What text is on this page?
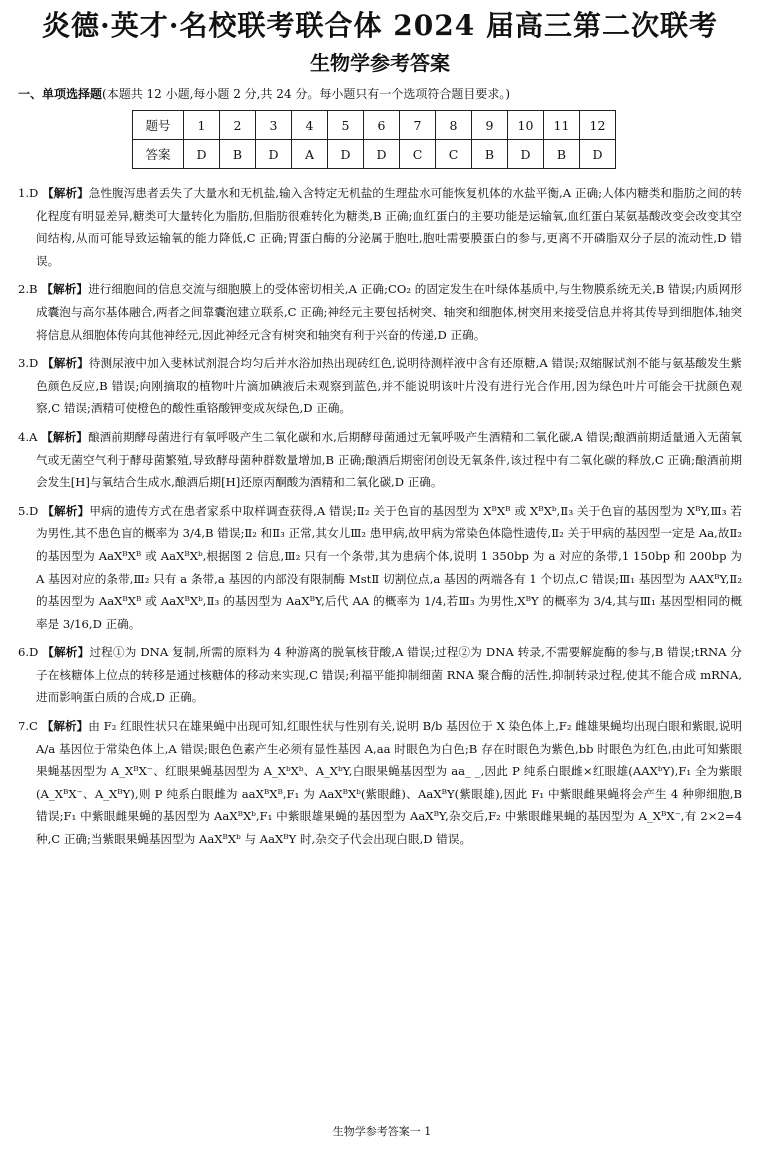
炎德·英才·名校联考联合体 2024 届高三第二次联考
生物学参考答案
一、单项选择题(本题共 12 小题,每小题 2 分,共 24 分。每小题只有一个选项符合题目要求。)
题号	1	2	3	4	5	6	7	8	9	10	11	12
答案	D	B	D	A	D	D	C	C	B	D	B	D
1.D 【解析】急性腹泻患者丢失了大量水和无机盐,输入含特定无机盐的生理盐水可能恢复机体的水盐平衡,A 正确;人体内糖类和脂肪之间的转化程度有明显差异,糖类可大量转化为脂肪,但脂肪很难转化为糖类,B 正确;血红蛋白的主要功能是运输氧,血红蛋白某氨基酸改变会改变其空间结构,从而可能导致运输氧的能力降低,C 正确;胃蛋白酶的分泌属于胞吐,胞吐需要膜蛋白的参与,更离不开磷脂双分子层的流动性,D 错误。
2.B 【解析】进行细胞间的信息交流与细胞膜上的受体密切相关,A 正确;CO₂ 的固定发生在叶绿体基质中,与生物膜系统无关,B 错误;内质网形成囊泡与高尔基体融合,两者之间靠囊泡建立联系,C 正确;神经元主要包括树突、轴突和细胞体,树突用来接受信息并将其传导到细胞体,轴突将信息从细胞体传向其他神经元,因此神经元含有树突和轴突有利于兴奋的传递,D 正确。
3.D 【解析】待测尿液中加入斐林试剂混合均匀后并水浴加热出现砖红色,说明待测样液中含有还原糖,A 错误;双缩脲试剂不能与氨基酸发生紫色颜色反应,B 错误;向刚摘取的植物叶片滴加碘液后未观察到蓝色,并不能说明该叶片没有进行光合作用,因为绿色叶片可能会干扰颜色观察,C 错误;酒精可使橙色的酸性重铬酸钾变成灰绿色,D 正确。
4.A 【解析】酿酒前期酵母菌进行有氧呼吸产生二氧化碳和水,后期酵母菌通过无氧呼吸产生酒精和二氧化碳,A 错误;酿酒前期适量通入无菌氧气或无菌空气利于酵母菌繁殖,导致酵母菌种群数量增加,B 正确;酿酒后期密闭创设无氧条件,该过程中有二氧化碳的释放,C 正确;酿酒前期会发生[H]与氧结合生成水,酿酒后期[H]还原丙酮酸为酒精和二氧化碳,D 正确。
5.D 【解析】甲病的遗传方式在患者家系中取样调查获得,A 错误;Ⅱ₂ 关于色盲的基因型为 XᴮXᴮ 或 XᴮXᵇ,Ⅱ₃ 关于色盲的基因型为 XᴮY,Ⅲ₃ 若为男性,其不患色盲的概率为 3/4,B 错误;Ⅱ₂ 和Ⅱ₃ 正常,其女儿Ⅲ₂ 患甲病,故甲病为常染色体隐性遗传,Ⅱ₂ 关于甲病的基因型一定是 Aa,故Ⅱ₂ 的基因型为 AaXᴮXᴮ 或 AaXᴮXᵇ,根据图 2 信息,Ⅲ₂ 只有一个条带,其为患病个体,说明 1 350bp 为 a 对应的条带,1 150bp 和 200bp 为 A 基因对应的条带,Ⅲ₂ 只有 a 条带,a 基因的内部没有限制酶 MstⅡ 切割位点,a 基因的两端各有 1 个切点,C 错误;Ⅲ₁ 基因型为 AAXᴮY,Ⅱ₂ 的基因型为 AaXᴮXᴮ 或 AaXᴮXᵇ,Ⅱ₃ 的基因型为 AaXᴮY,后代 AA 的概率为 1/4,若Ⅲ₃ 为男性,XᴮY 的概率为 3/4,其与Ⅲ₁ 基因型相同的概率是 3/16,D 正确。
6.D 【解析】过程①为 DNA 复制,所需的原料为 4 种游离的脱氧核苷酸,A 错误;过程②为 DNA 转录,不需要解旋酶的参与,B 错误;tRNA 分子在核糖体上位点的转移是通过核糖体的移动来实现,C 错误;利福平能抑制细菌 RNA 聚合酶的活性,抑制转录过程,使其不能合成 mRNA,进而影响蛋白质的合成,D 正确。
7.C 【解析】由 F₂ 红眼性状只在雄果蝇中出现可知,红眼性状与性别有关,说明 B/b 基因位于 X 染色体上,F₂ 雌雄果蝇均出现白眼和紫眼,说明 A/a 基因位于常染色体上,A 错误;眼色色素产生必须有显性基因 A,aa 时眼色为白色;B 存在时眼色为紫色,bb 时眼色为红色,由此可知紫眼果蝇基因型为 A_XᴮX⁻、红眼果蝇基因型为 A_XᵇXᵇ、A_XᵇY,白眼果蝇基因型为 aa_ _,因此 P 纯系白眼雌×红眼雄(AAXᵇY),F₁ 全为紫眼(A_XᴮX⁻、A_XᴮY),则 P 纯系白眼雌为 aaXᴮXᴮ,F₁ 为 AaXᴮXᵇ(紫眼雌)、AaXᴮY(紫眼雄),因此 F₁ 中紫眼雌果蝇将会产生 4 种卵细胞,B 错误;F₁ 中紫眼雌果蝇的基因型为 AaXᴮXᵇ,F₁ 中紫眼雄果蝇的基因型为 AaXᴮY,杂交后,F₂ 中紫眼雌果蝇的基因型为 A_XᴮX⁻,有 2×2=4 种,C 正确;当紫眼果蝇基因型为 AaXᴮXᵇ 与 AaXᴮY 时,杂交子代会出现白眼,D 错误。
生物学参考答案一 1
